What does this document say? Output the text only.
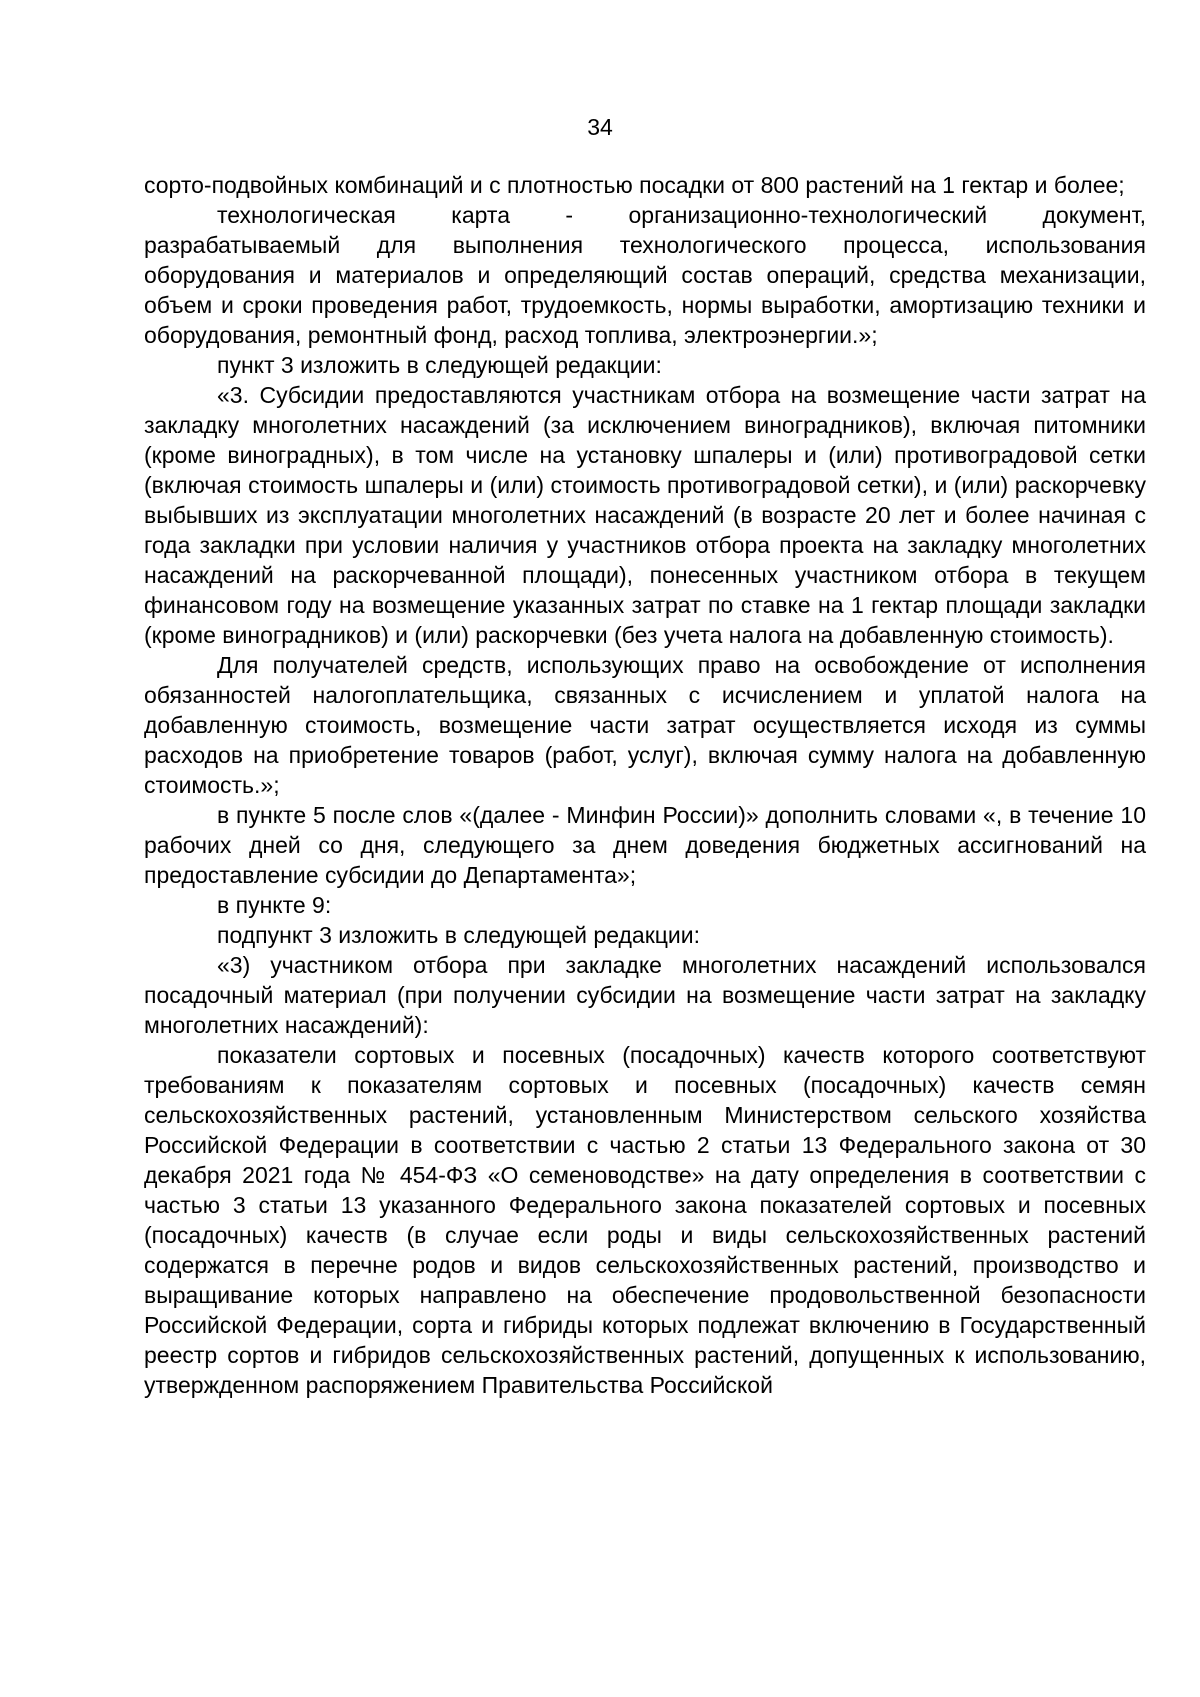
34

сорто-подвойных комбинаций и с плотностью посадки от 800 растений на 1 гектар и более;

технологическая карта - организационно-технологический документ, разрабатываемый для выполнения технологического процесса, использования оборудования и материалов и определяющий состав операций, средства механизации, объем и сроки проведения работ, трудоемкость, нормы выработки, амортизацию техники и оборудования, ремонтный фонд, расход топлива, электроэнергии.»;

пункт 3 изложить в следующей редакции:

«3. Субсидии предоставляются участникам отбора на возмещение части затрат на закладку многолетних насаждений (за исключением виноградников), включая питомники (кроме виноградных), в том числе на установку шпалеры и (или) противоградовой сетки (включая стоимость шпалеры и (или) стоимость противоградовой сетки), и (или) раскорчевку выбывших из эксплуатации многолетних насаждений (в возрасте 20 лет и более начиная с года закладки при условии наличия у участников отбора проекта на закладку многолетних насаждений на раскорчеванной площади), понесенных участником отбора в текущем финансовом году на возмещение указанных затрат по ставке на 1 гектар площади закладки (кроме виноградников) и (или) раскорчевки (без учета налога на добавленную стоимость).

Для получателей средств, использующих право на освобождение от исполнения обязанностей налогоплательщика, связанных с исчислением и уплатой налога на добавленную стоимость, возмещение части затрат осуществляется исходя из суммы расходов на приобретение товаров (работ, услуг), включая сумму налога на добавленную стоимость.»;

в пункте 5 после слов «(далее - Минфин России)» дополнить словами «, в течение 10 рабочих дней со дня, следующего за днем доведения бюджетных ассигнований на предоставление субсидии до Департамента»;

в пункте 9:

подпункт 3 изложить в следующей редакции:

«3) участником отбора при закладке многолетних насаждений использовался посадочный материал (при получении субсидии на возмещение части затрат на закладку многолетних насаждений):

показатели сортовых и посевных (посадочных) качеств которого соответствуют требованиям к показателям сортовых и посевных (посадочных) качеств семян сельскохозяйственных растений, установленным Министерством сельского хозяйства Российской Федерации в соответствии с частью 2 статьи 13 Федерального закона от 30 декабря 2021 года № 454-ФЗ «О семеноводстве» на дату определения в соответствии с частью 3 статьи 13 указанного Федерального закона показателей сортовых и посевных (посадочных) качеств (в случае если роды и виды сельскохозяйственных растений содержатся в перечне родов и видов сельскохозяйственных растений, производство и выращивание которых направлено на обеспечение продовольственной безопасности Российской Федерации, сорта и гибриды которых подлежат включению в Государственный реестр сортов и гибридов сельскохозяйственных растений, допущенных к использованию, утвержденном распоряжением Правительства Российской
